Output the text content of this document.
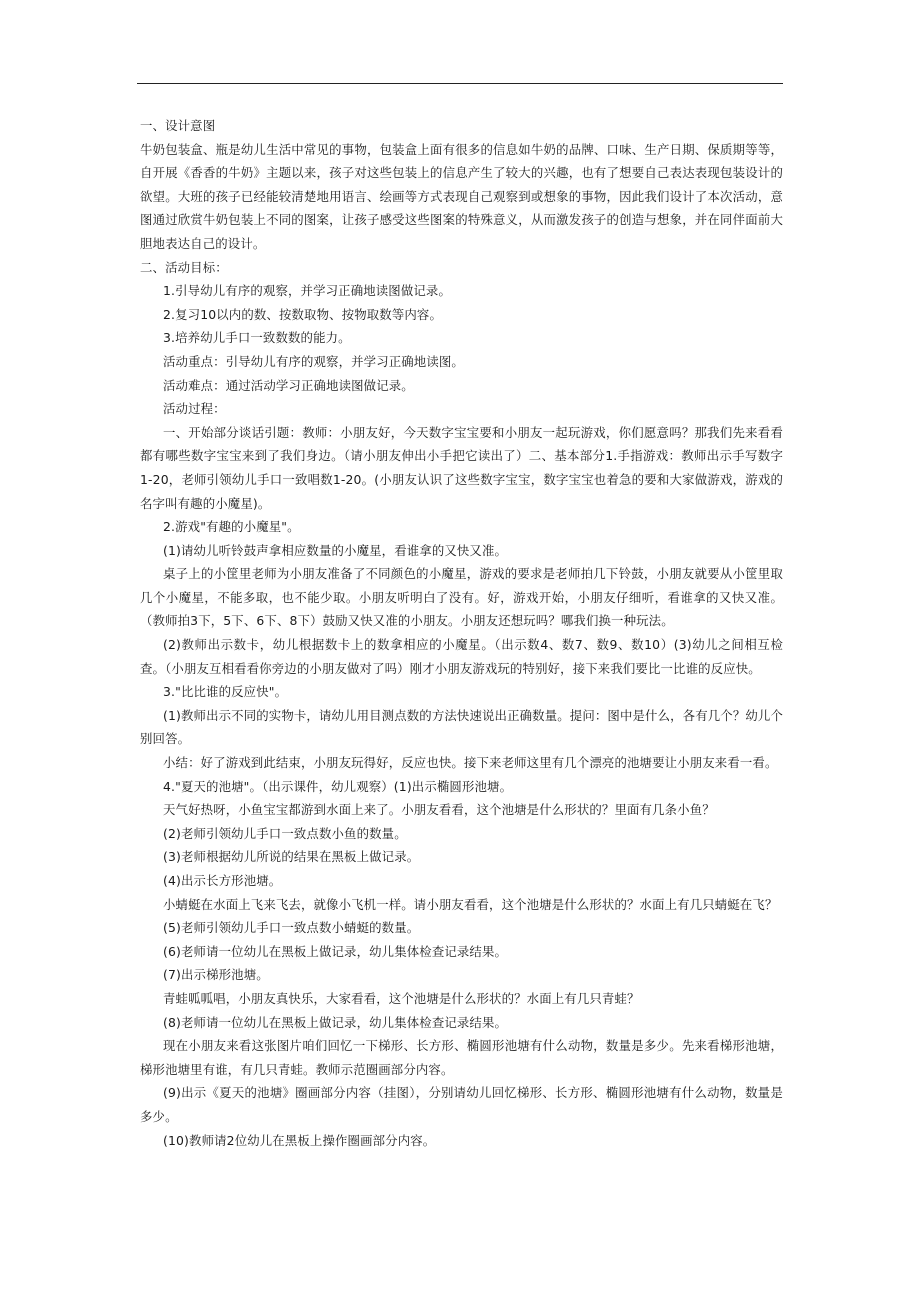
一、设计意图

牛奶包装盒、瓶是幼儿生活中常见的事物，包装盒上面有很多的信息如牛奶的品牌、口味、生产日期、保质期等等，自开展《香香的牛奶》主题以来，孩子对这些包装上的信息产生了较大的兴趣，也有了想要自己表达表现包装设计的欲望。大班的孩子已经能较清楚地用语言、绘画等方式表现自己观察到或想象的事物，因此我们设计了本次活动，意图通过欣赏牛奶包装上不同的图案，让孩子感受这些图案的特殊意义，从而激发孩子的创造与想象，并在同伴面前大胆地表达自己的设计。

二、活动目标：

1.引导幼儿有序的观察，并学习正确地读图做记录。

2.复习10以内的数、按数取物、按物取数等内容。

3.培养幼儿手口一致数数的能力。

活动重点：引导幼儿有序的观察，并学习正确地读图。

活动难点：通过活动学习正确地读图做记录。

活动过程：

一、开始部分谈话引题：教师：小朋友好，今天数字宝宝要和小朋友一起玩游戏，你们愿意吗？那我们先来看看都有哪些数字宝宝来到了我们身边。（请小朋友伸出小手把它读出了）二、基本部分1.手指游戏：教师出示手写数字1-20，老师引领幼儿手口一致唱数1-20。(小朋友认识了这些数字宝宝，数字宝宝也着急的要和大家做游戏，游戏的名字叫有趣的小魔星)。

2.游戏"有趣的小魔星"。

(1)请幼儿听铃鼓声拿相应数量的小魔星，看谁拿的又快又准。

桌子上的小筐里老师为小朋友准备了不同颜色的小魔星，游戏的要求是老师拍几下铃鼓，小朋友就要从小筐里取几个小魔星，不能多取，也不能少取。小朋友听明白了没有。好，游戏开始，小朋友仔细听，看谁拿的又快又准。（教师拍3下，5下、6下、8下）鼓励又快又准的小朋友。小朋友还想玩吗？哪我们换一种玩法。

(2)教师出示数卡，幼儿根据数卡上的数拿相应的小魔星。（出示数4、数7、数9、数10）(3)幼儿之间相互检查。（小朋友互相看看你旁边的小朋友做对了吗）刚才小朋友游戏玩的特别好，接下来我们要比一比谁的反应快。

3."比比谁的反应快"。

(1)教师出示不同的实物卡，请幼儿用目测点数的方法快速说出正确数量。提问：图中是什么，各有几个？幼儿个别回答。

小结：好了游戏到此结束，小朋友玩得好，反应也快。接下来老师这里有几个漂亮的池塘要让小朋友来看一看。

4."夏天的池塘"。（出示课件，幼儿观察）(1)出示椭圆形池塘。

天气好热呀，小鱼宝宝都游到水面上来了。小朋友看看，这个池塘是什么形状的？里面有几条小鱼？

(2)老师引领幼儿手口一致点数小鱼的数量。

(3)老师根据幼儿所说的结果在黑板上做记录。

(4)出示长方形池塘。

小蜻蜓在水面上飞来飞去，就像小飞机一样。请小朋友看看，这个池塘是什么形状的？水面上有几只蜻蜓在飞？

(5)老师引领幼儿手口一致点数小蜻蜓的数量。

(6)老师请一位幼儿在黑板上做记录，幼儿集体检查记录结果。

(7)出示梯形池塘。

青蛙呱呱唱，小朋友真快乐，大家看看，这个池塘是什么形状的？水面上有几只青蛙？

(8)老师请一位幼儿在黑板上做记录，幼儿集体检查记录结果。

现在小朋友来看这张图片咱们回忆一下梯形、长方形、椭圆形池塘有什么动物，数量是多少。先来看梯形池塘，梯形池塘里有谁，有几只青蛙。教师示范圈画部分内容。

(9)出示《夏天的池塘》圈画部分内容（挂图），分别请幼儿回忆梯形、长方形、椭圆形池塘有什么动物，数量是多少。

(10)教师请2位幼儿在黑板上操作圈画部分内容。
